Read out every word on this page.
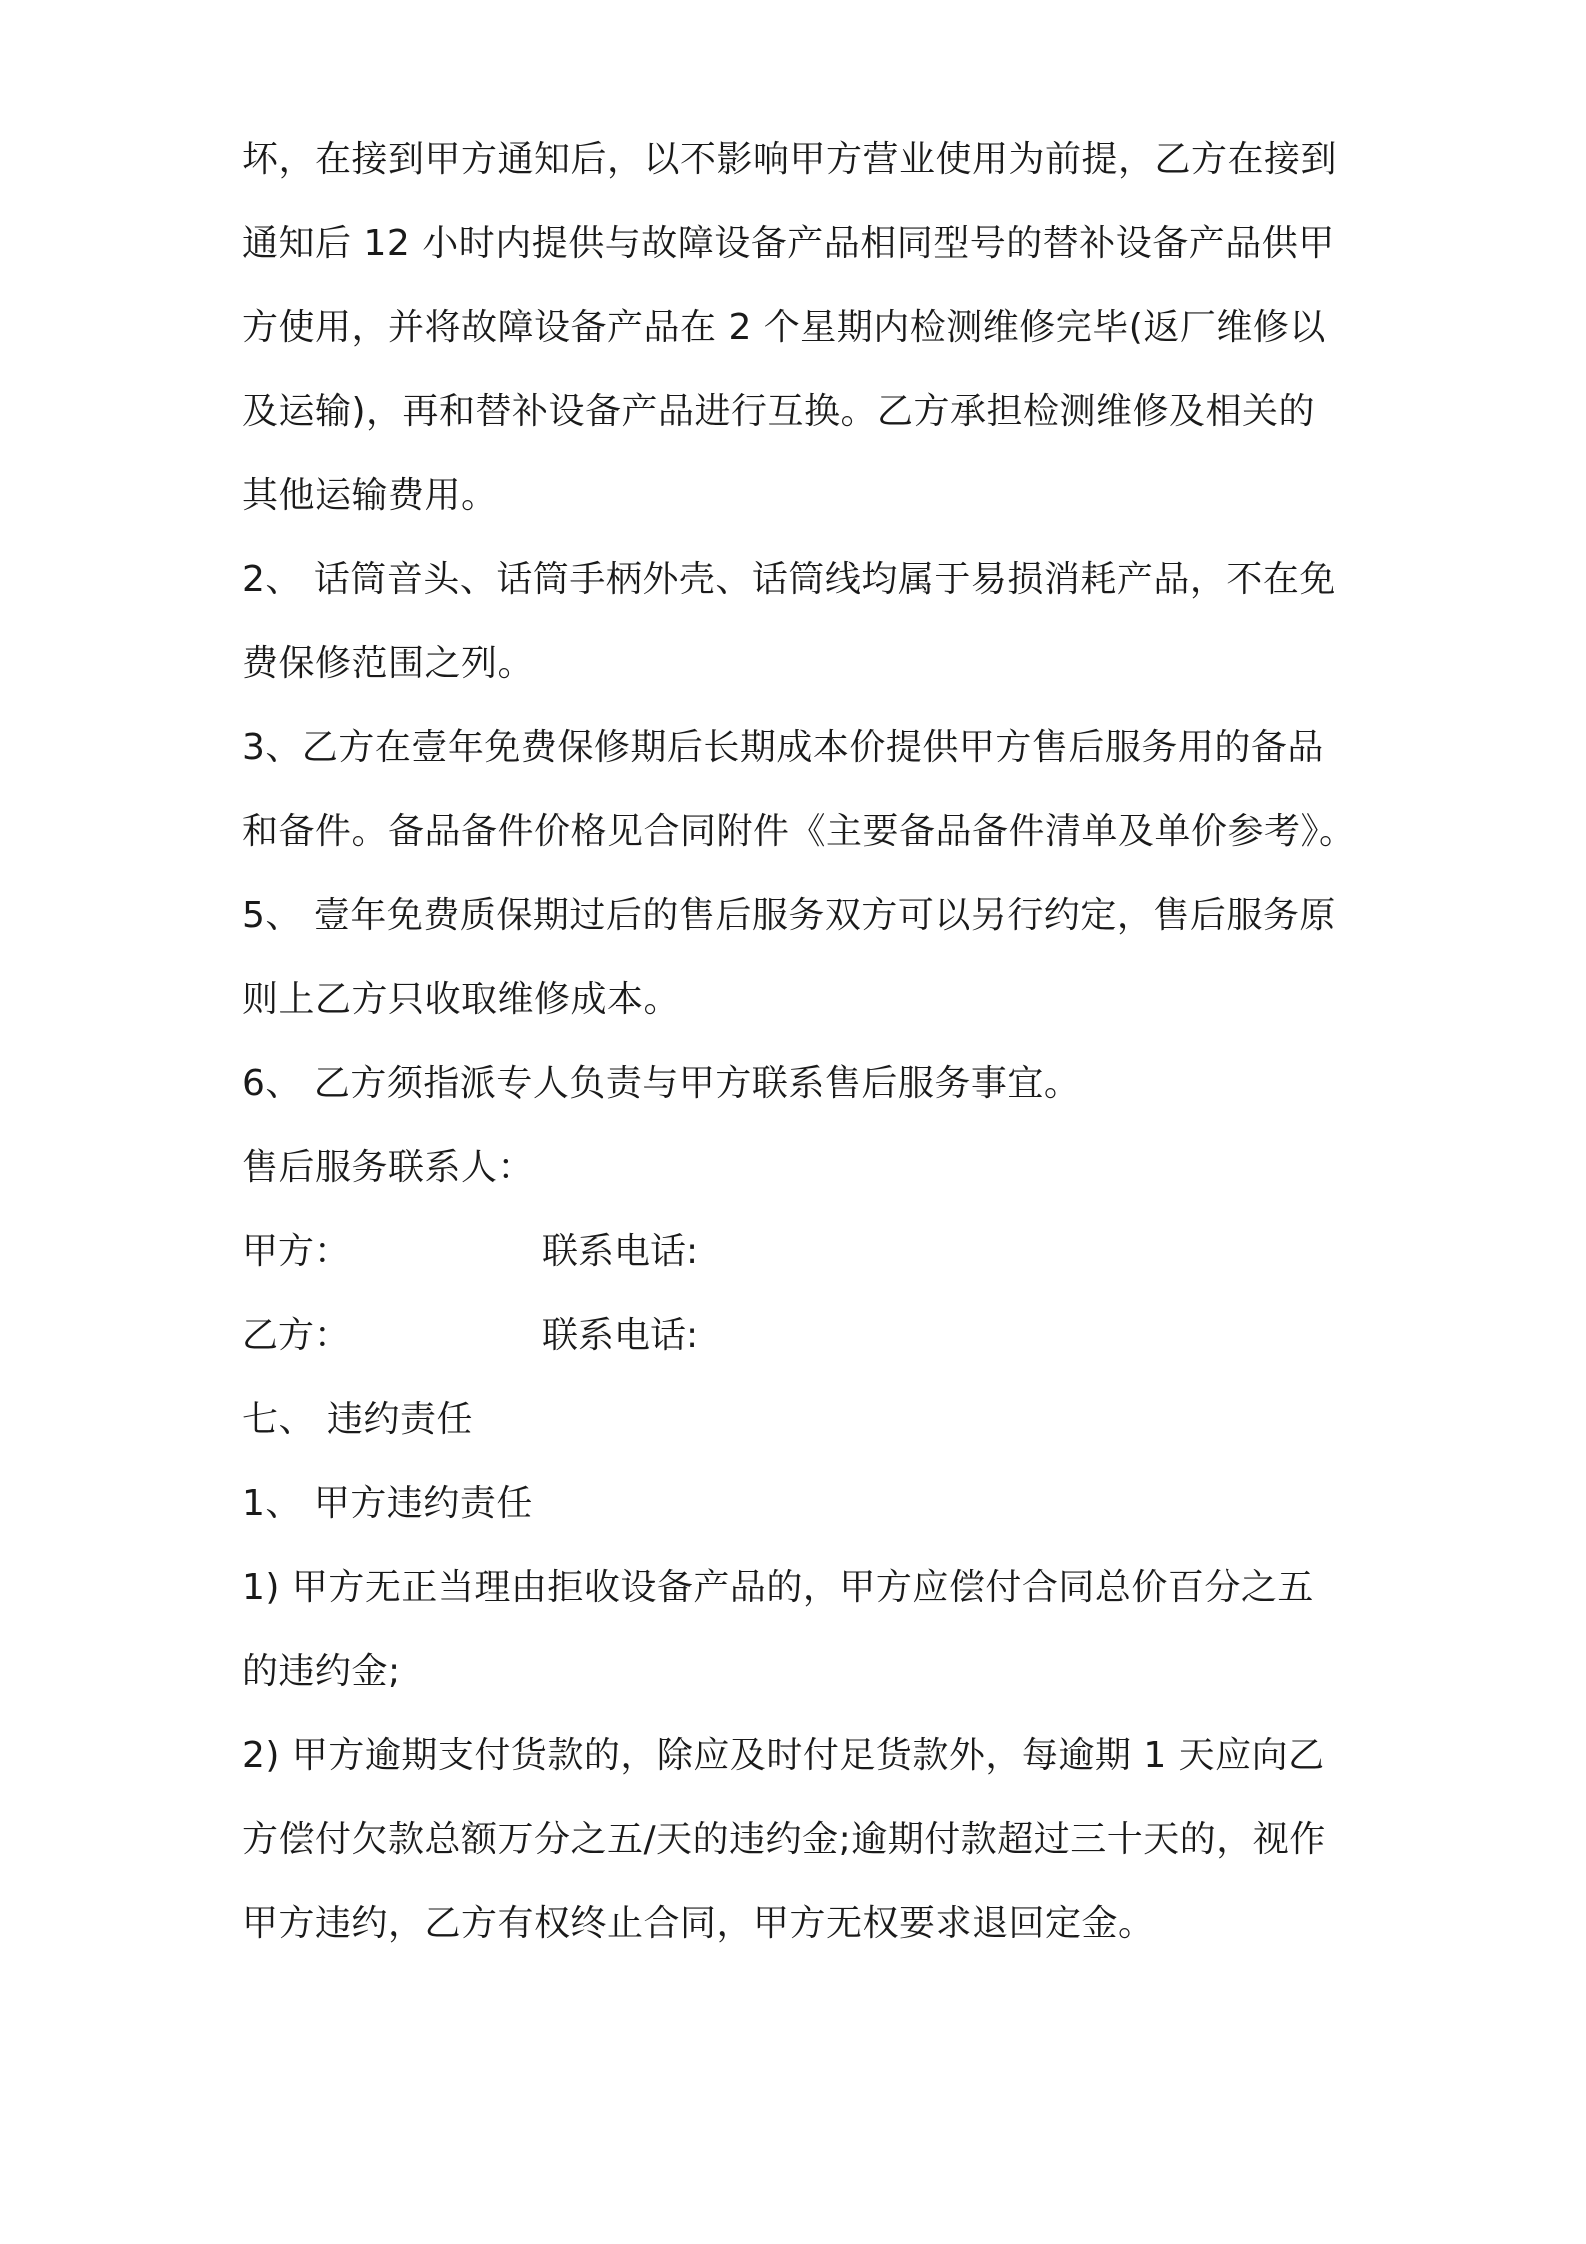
坏，在接到甲方通知后，以不影响甲方营业使用为前提，乙方在接到
通知后 12 小时内提供与故障设备产品相同型号的替补设备产品供甲
方使用，并将故障设备产品在 2 个星期内检测维修完毕(返厂维修以
及运输)，再和替补设备产品进行互换。乙方承担检测维修及相关的
其他运输费用。
2、 话筒音头、话筒手柄外壳、话筒线均属于易损消耗产品，不在免
费保修范围之列。
3、乙方在壹年免费保修期后长期成本价提供甲方售后服务用的备品
和备件。备品备件价格见合同附件《主要备品备件清单及单价参考》。
5、 壹年免费质保期过后的售后服务双方可以另行约定，售后服务原
则上乙方只收取维修成本。
6、 乙方须指派专人负责与甲方联系售后服务事宜。
售后服务联系人：
甲方：	联系电话:
乙方：	联系电话:
七、 违约责任
1、 甲方违约责任
1) 甲方无正当理由拒收设备产品的，甲方应偿付合同总价百分之五
的违约金;
2) 甲方逾期支付货款的，除应及时付足货款外，每逾期 1 天应向乙
方偿付欠款总额万分之五/天的违约金;逾期付款超过三十天的，视作
甲方违约，乙方有权终止合同，甲方无权要求退回定金。
